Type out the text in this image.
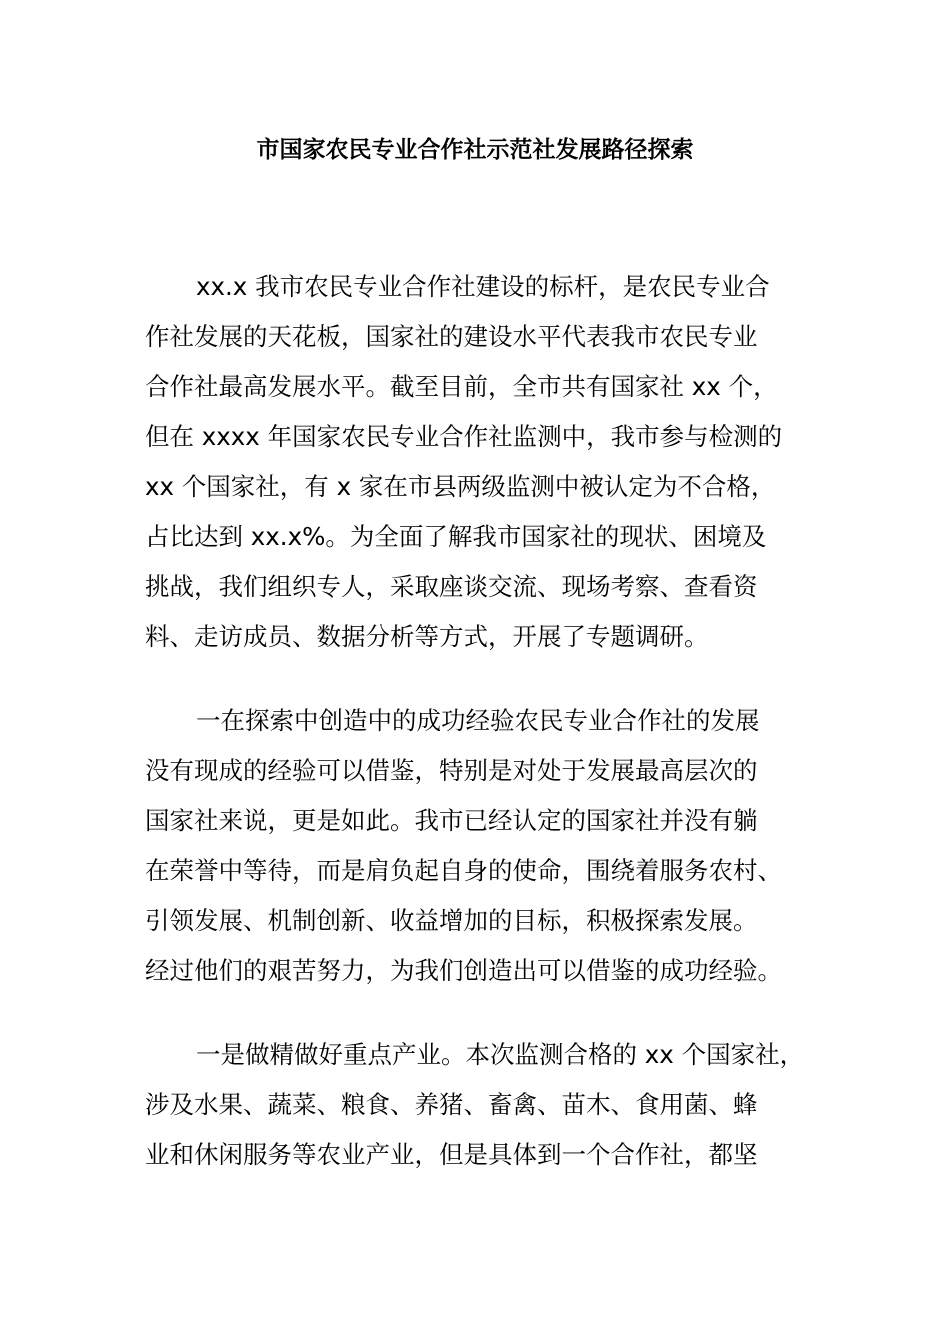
市国家农民专业合作社示范社发展路径探索
xx.x 我市农民专业合作社建设的标杆，是农民专业合
作社发展的天花板，国家社的建设水平代表我市农民专业
合作社最高发展水平。截至目前，全市共有国家社 xx 个，
但在 xxxx 年国家农民专业合作社监测中，我市参与检测的
xx 个国家社，有 x 家在市县两级监测中被认定为不合格，
占比达到 xx.x%。为全面了解我市国家社的现状、困境及
挑战，我们组织专人，采取座谈交流、现场考察、查看资
料、走访成员、数据分析等方式，开展了专题调研。
一在探索中创造中的成功经验农民专业合作社的发展
没有现成的经验可以借鉴，特别是对处于发展最高层次的
国家社来说，更是如此。我市已经认定的国家社并没有躺
在荣誉中等待，而是肩负起自身的使命，围绕着服务农村、
引领发展、机制创新、收益增加的目标，积极探索发展。
经过他们的艰苦努力，为我们创造出可以借鉴的成功经验。
一是做精做好重点产业。本次监测合格的 xx 个国家社，
涉及水果、蔬菜、粮食、养猪、畜禽、苗木、食用菌、蜂
业和休闲服务等农业产业，但是具体到一个合作社，都坚
